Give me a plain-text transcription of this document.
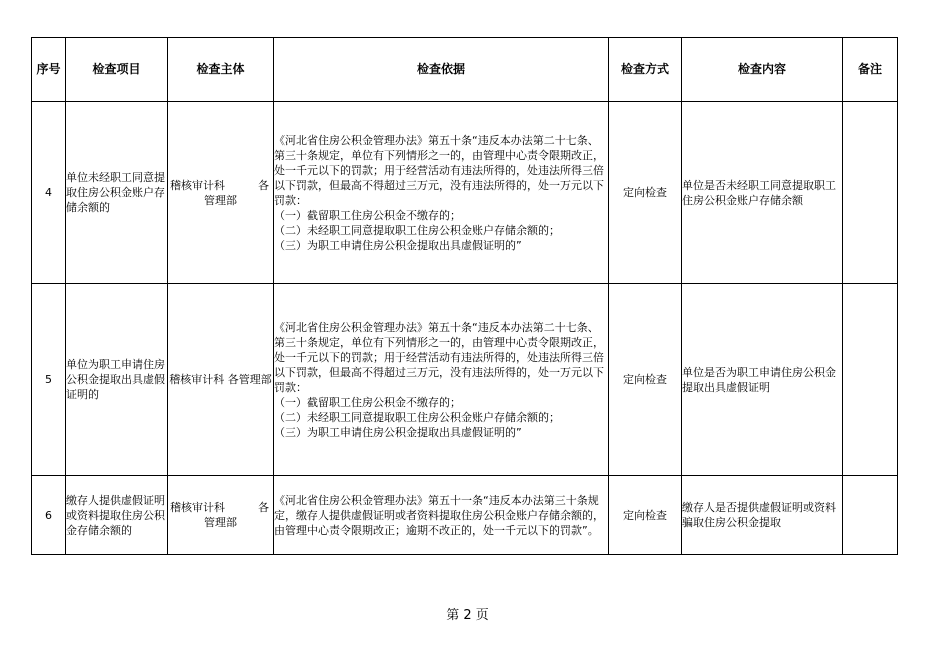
序号	检查项目	检查主体	检查依据	检查方式	检查内容	备注
4	单位未经职工同意提取住房公积金账户存储余额的	稽核审计科 各
管理部	《河北省住房公积金管理办法》第五十条“违反本办法第二十七条、第三十条规定，单位有下列情形之一的，由管理中心责令限期改正，处一千元以下的罚款；用于经营活动有违法所得的，处违法所得三倍以下罚款，但最高不得超过三万元，没有违法所得的，处一万元以下罚款：
（一）截留职工住房公积金不缴存的；
（二）未经职工同意提取职工住房公积金账户存储余额的；
（三）为职工申请住房公积金提取出具虚假证明的”	定向检查	单位是否未经职工同意提取职工住房公积金账户存储余额	
5	单位为职工申请住房公积金提取出具虚假证明的	稽核审计科 各管理部	《河北省住房公积金管理办法》第五十条“违反本办法第二十七条、第三十条规定，单位有下列情形之一的，由管理中心责令限期改正，处一千元以下的罚款；用于经营活动有违法所得的，处违法所得三倍以下罚款，但最高不得超过三万元，没有违法所得的，处一万元以下罚款：
（一）截留职工住房公积金不缴存的；
（二）未经职工同意提取职工住房公积金账户存储余额的；
（三）为职工申请住房公积金提取出具虚假证明的”	定向检查	单位是否为职工申请住房公积金提取出具虚假证明	
6	缴存人提供虚假证明或资料提取住房公积金存储余额的	稽核审计科 各
管理部	《河北省住房公积金管理办法》第五十一条“违反本办法第三十条规定，缴存人提供虚假证明或者资料提取住房公积金账户存储余额的，由管理中心责令限期改正；逾期不改正的，处一千元以下的罚款”。	定向检查	缴存人是否提供虚假证明或资料骗取住房公积金提取	
第 2 页
